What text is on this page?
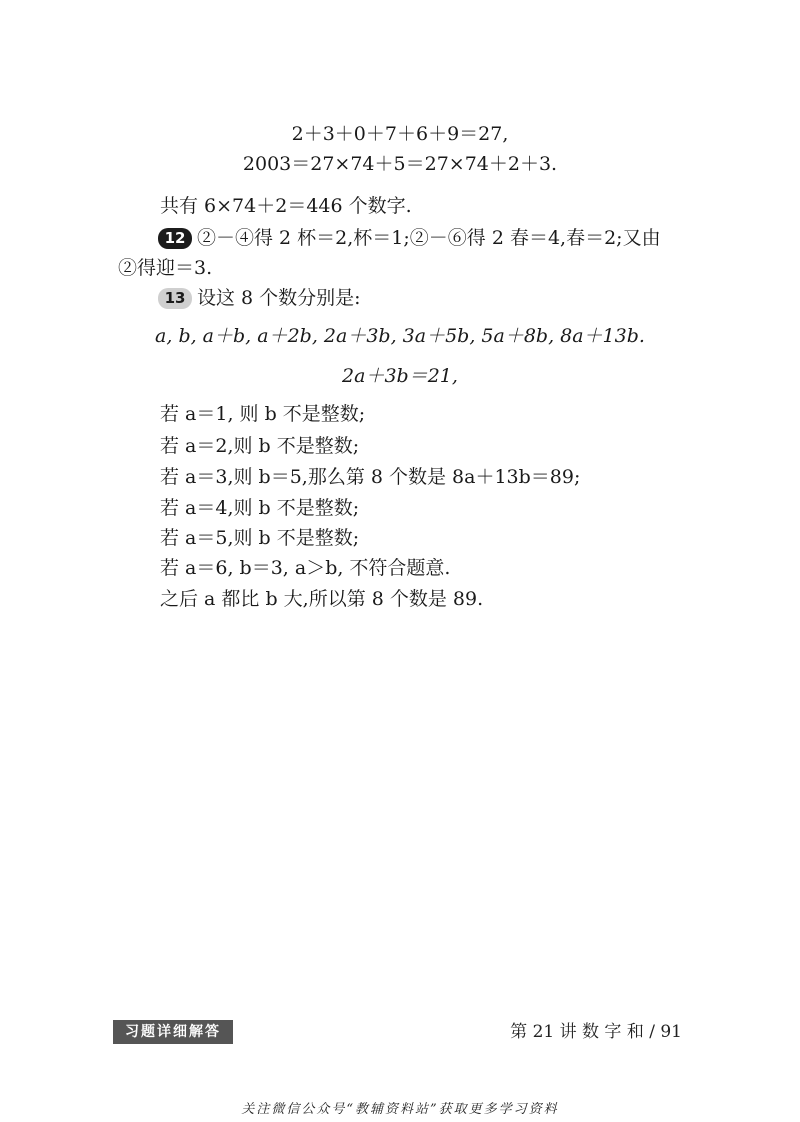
2＋3＋0＋7＋6＋9＝27,
2003＝27×74＋5＝27×74＋2＋3.
共有 6×74＋2＝446 个数字.
12 ②－④得 2 杯＝2,杯＝1;②－⑥得 2 春＝4,春＝2;又由
②得迎＝3.
13 设这 8 个数分别是:
a, b, a＋b, a＋2b, 2a＋3b, 3a＋5b, 5a＋8b, 8a＋13b.
2a＋3b＝21,
若 a＝1, 则 b 不是整数;
若 a＝2,则 b 不是整数;
若 a＝3,则 b＝5,那么第 8 个数是 8a＋13b＝89;
若 a＝4,则 b 不是整数;
若 a＝5,则 b 不是整数;
若 a＝6, b＝3, a＞b, 不符合题意.
之后 a 都比 b 大,所以第 8 个数是 89.
习题详细解答	第 21 讲 数 字 和 / 91
关注微信公众号“教辅资料站”获取更多学习资料
